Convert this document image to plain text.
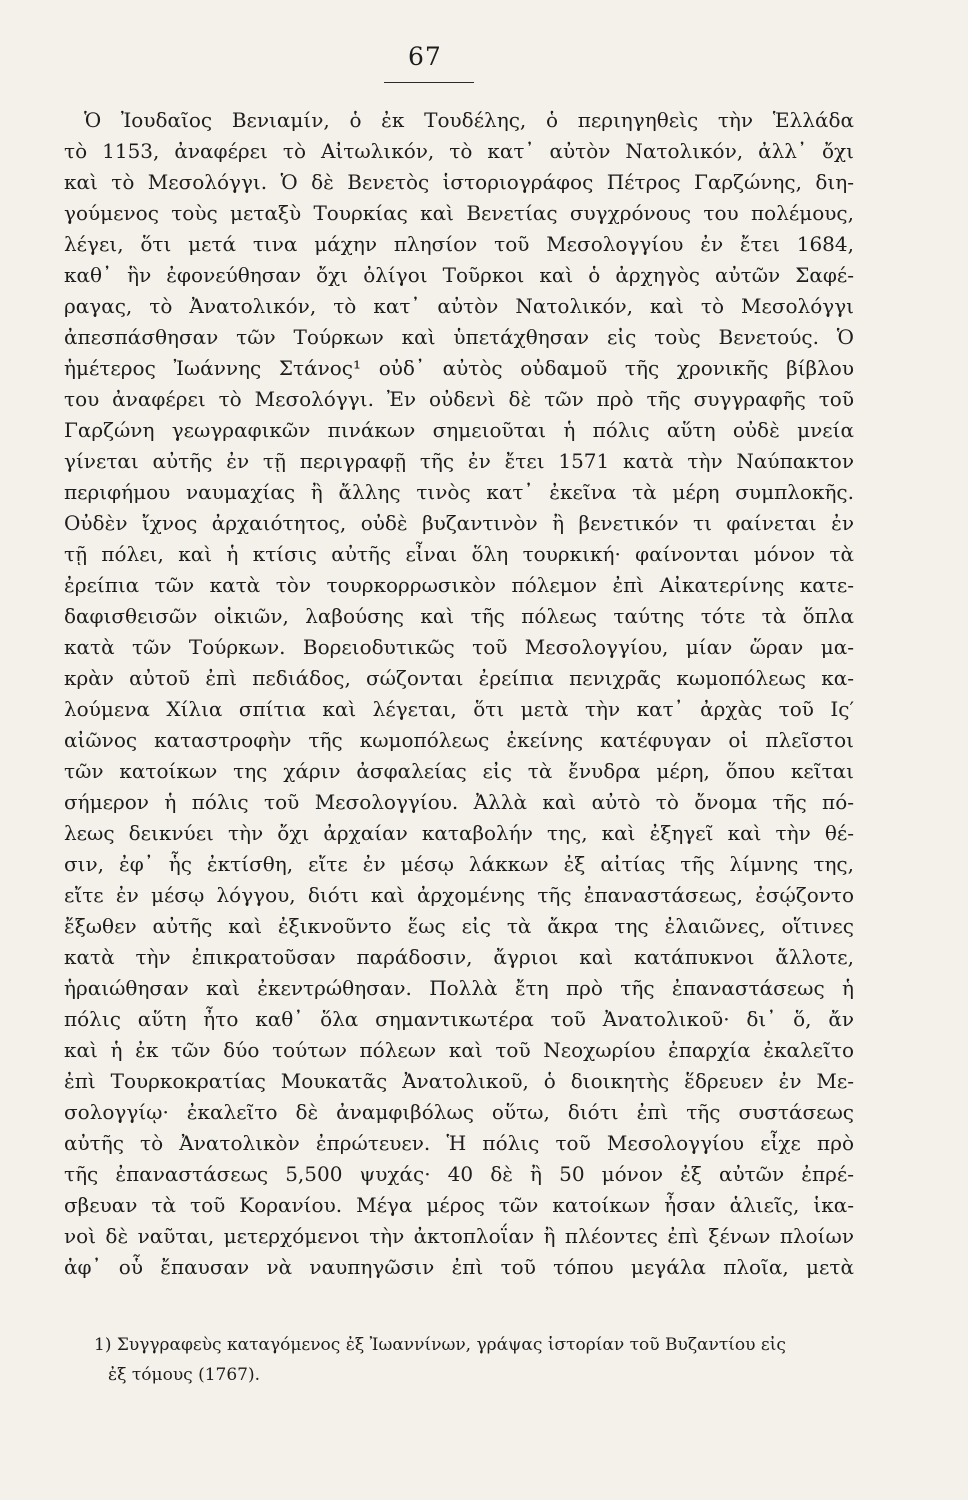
67
Ὁ Ἰουδαῖος Βενιαμίν, ὁ ἐκ Τουδέλης, ὁ περιηγηθεὶς τὴν Ἑλλάδα
τὸ 1153, ἀναφέρει τὸ Αἰτωλικόν, τὸ κατ᾽ αὐτὸν Νατολικόν, ἀλλ᾽ ὄχι
καὶ τὸ Μεσολόγγι. Ὁ δὲ Βενετὸς ἱστοριογράφος Πέτρος Γαρζώνης, διη-
γούμενος τοὺς μεταξὺ Τουρκίας καὶ Βενετίας συγχρόνους του πολέμους,
λέγει, ὅτι μετά τινα μάχην πλησίον τοῦ Μεσολογγίου ἐν ἔτει 1684,
καθ᾽ ἣν ἐφονεύθησαν ὄχι ὀλίγοι Τοῦρκοι καὶ ὁ ἀρχηγὸς αὐτῶν Σαφέ-
ραγας, τὸ Ἀνατολικόν, τὸ κατ᾽ αὐτὸν Νατολικόν, καὶ τὸ Μεσολόγγι
ἀπεσπάσθησαν τῶν Τούρκων καὶ ὑπετάχθησαν εἰς τοὺς Βενετούς. Ὁ
ἡμέτερος Ἰωάννης Στάνος¹ οὐδ᾽ αὐτὸς οὐδαμοῦ τῆς χρονικῆς βίβλου
του ἀναφέρει τὸ Μεσολόγγι. Ἐν οὐδενὶ δὲ τῶν πρὸ τῆς συγγραφῆς τοῦ
Γαρζώνη γεωγραφικῶν πινάκων σημειοῦται ἡ πόλις αὕτη οὐδὲ μνεία
γίνεται αὐτῆς ἐν τῇ περιγραφῇ τῆς ἐν ἔτει 1571 κατὰ τὴν Ναύπακτον
περιφήμου ναυμαχίας ἢ ἄλλης τινὸς κατ᾽ ἐκεῖνα τὰ μέρη συμπλοκῆς.
Οὐδὲν ἴχνος ἀρχαιότητος, οὐδὲ βυζαντινὸν ἢ βενετικόν τι φαίνεται ἐν
τῇ πόλει, καὶ ἡ κτίσις αὐτῆς εἶναι ὅλη τουρκική· φαίνονται μόνον τὰ
ἐρείπια τῶν κατὰ τὸν τουρκορρωσικὸν πόλεμον ἐπὶ Αἰκατερίνης κατε-
δαφισθεισῶν οἰκιῶν, λαβούσης καὶ τῆς πόλεως ταύτης τότε τὰ ὅπλα
κατὰ τῶν Τούρκων. Βορειοδυτικῶς τοῦ Μεσολογγίου, μίαν ὥραν μα-
κρὰν αὐτοῦ ἐπὶ πεδιάδος, σώζονται ἐρείπια πενιχρᾶς κωμοπόλεως κα-
λούμενα Χίλια σπίτια καὶ λέγεται, ὅτι μετὰ τὴν κατ᾽ ἀρχὰς τοῦ Ις′
αἰῶνος καταστροφὴν τῆς κωμοπόλεως ἐκείνης κατέφυγαν οἱ πλεῖστοι
τῶν κατοίκων της χάριν ἀσφαλείας εἰς τὰ ἔνυδρα μέρη, ὅπου κεῖται
σήμερον ἡ πόλις τοῦ Μεσολογγίου. Ἀλλὰ καὶ αὐτὸ τὸ ὄνομα τῆς πό-
λεως δεικνύει τὴν ὄχι ἀρχαίαν καταβολήν της, καὶ ἐξηγεῖ καὶ τὴν θέ-
σιν, ἐφ᾽ ἧς ἐκτίσθη, εἴτε ἐν μέσῳ λάκκων ἐξ αἰτίας τῆς λίμνης της,
εἴτε ἐν μέσῳ λόγγου, διότι καὶ ἀρχομένης τῆς ἐπαναστάσεως, ἐσῴζοντο
ἔξωθεν αὐτῆς καὶ ἐξικνοῦντο ἕως εἰς τὰ ἄκρα της ἐλαιῶνες, οἵτινες
κατὰ τὴν ἐπικρατοῦσαν παράδοσιν, ἄγριοι καὶ κατάπυκνοι ἄλλοτε,
ἡραιώθησαν καὶ ἐκεντρώθησαν. Πολλὰ ἔτη πρὸ τῆς ἐπαναστάσεως ἡ
πόλις αὕτη ἦτο καθ᾽ ὅλα σημαντικωτέρα τοῦ Ἀνατολικοῦ· δι᾽ ὅ, ἄν
καὶ ἡ ἐκ τῶν δύο τούτων πόλεων καὶ τοῦ Νεοχωρίου ἐπαρχία ἐκαλεῖτο
ἐπὶ Τουρκοκρατίας Μουκατᾶς Ἀνατολικοῦ, ὁ διοικητὴς ἕδρευεν ἐν Με-
σολογγίῳ· ἐκαλεῖτο δὲ ἀναμφιβόλως οὕτω, διότι ἐπὶ τῆς συστάσεως
αὐτῆς τὸ Ἀνατολικὸν ἐπρώτευεν. Ἡ πόλις τοῦ Μεσολογγίου εἶχε πρὸ
τῆς ἐπαναστάσεως 5,500 ψυχάς· 40 δὲ ἢ 50 μόνον ἐξ αὐτῶν ἐπρέ-
σβευαν τὰ τοῦ Κορανίου. Μέγα μέρος τῶν κατοίκων ἦσαν ἁλιεῖς, ἱκα-
νοὶ δὲ ναῦται, μετερχόμενοι τὴν ἀκτοπλοΐαν ἢ πλέοντες ἐπὶ ξένων πλοίων
ἀφ᾽ οὗ ἔπαυσαν νὰ ναυπηγῶσιν ἐπὶ τοῦ τόπου μεγάλα πλοῖα, μετὰ
1) Συγγραφεὺς καταγόμενος ἐξ Ἰωαννίνων, γράψας ἱστορίαν τοῦ Βυζαντίου εἰς
ἐξ τόμους (1767).
